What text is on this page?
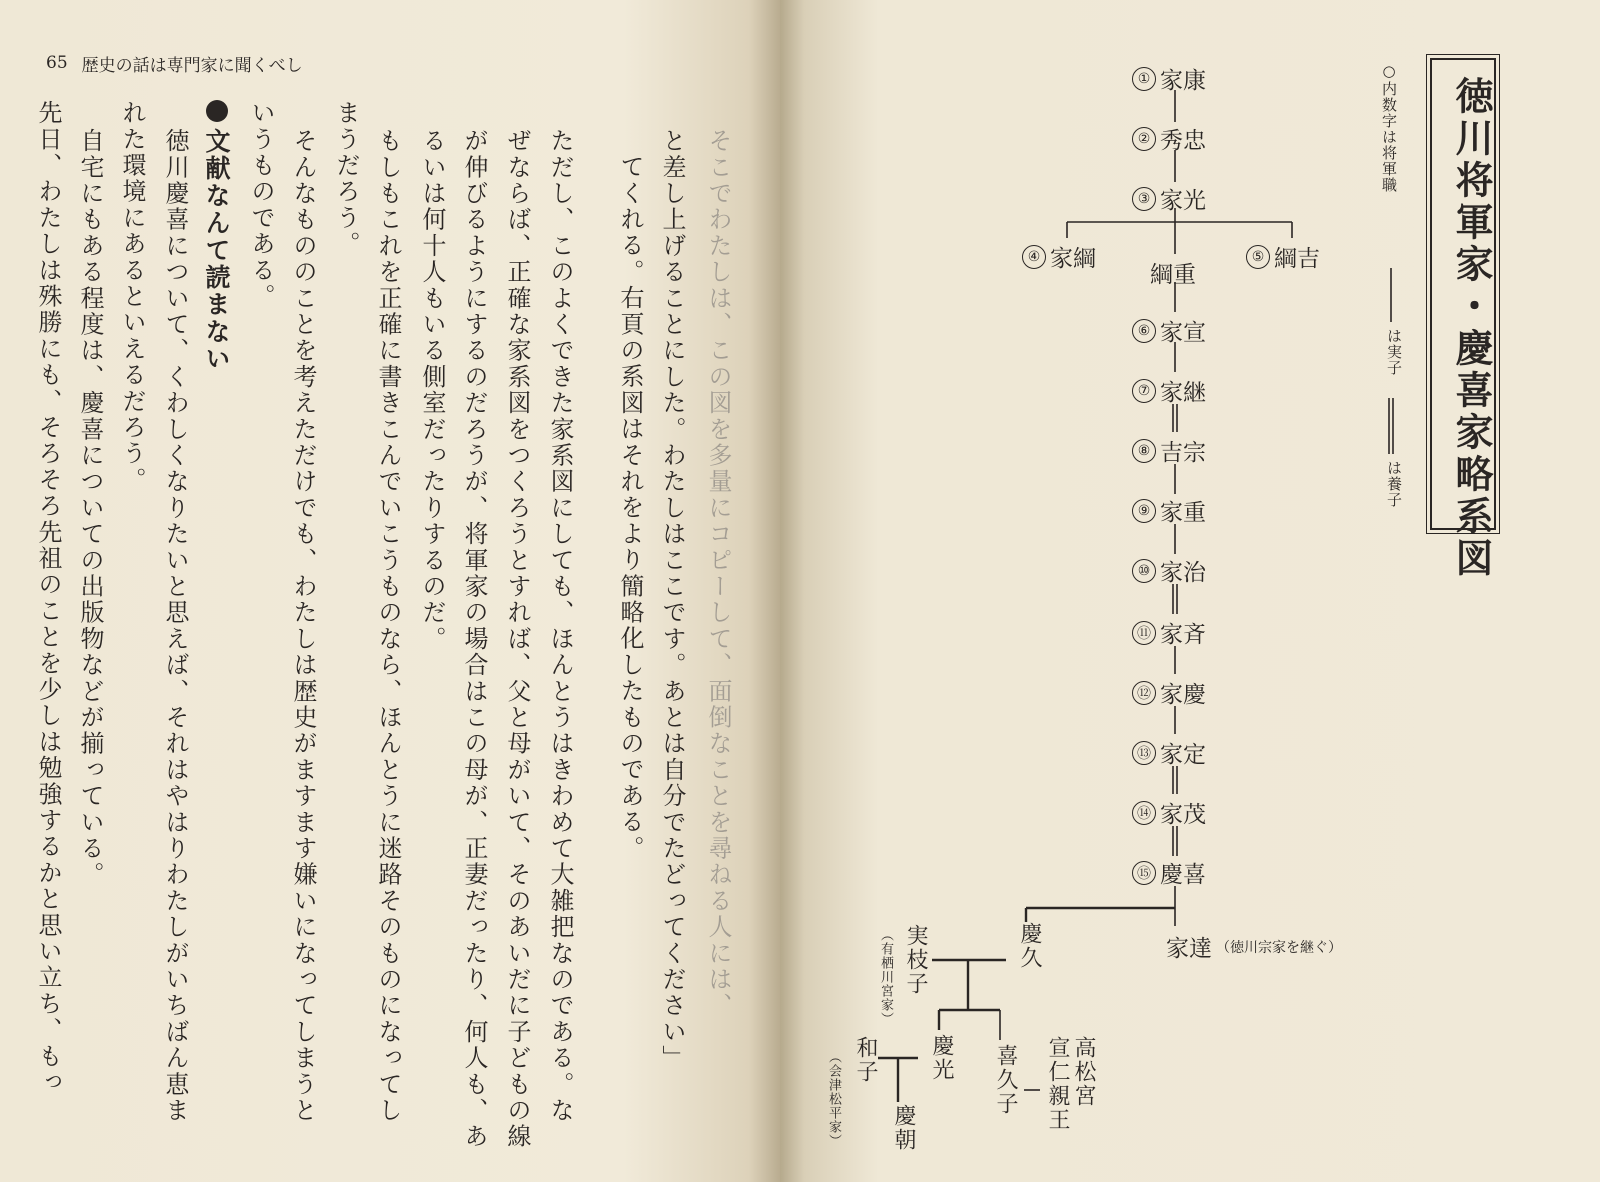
65 歴史の話は専門家に聞くべし
そこでわたしは、この図を多量にコピーして、面倒なことを尋ねる人には、
と差し上げることにした。わたしはここです。あとは自分でたどってください」
てくれる。右頁の系図はそれをより簡略化したものである。
ただし、このよくできた家系図にしても、ほんとうはきわめて大雑把なのである。な
ぜならば、正確な家系図をつくろうとすれば、父と母がいて、そのあいだに子どもの線
が伸びるようにするのだろうが、将軍家の場合はこの母が、正妻だったり、何人も、あ
るいは何十人もいる側室だったりするのだ。
もしもこれを正確に書きこんでいこうものなら、ほんとうに迷路そのものになってし
まうだろう。
そんなもののことを考えただけでも、わたしは歴史がますます嫌いになってしまうと
いうものである。
文献なんて読まない
徳川慶喜について、くわしくなりたいと思えば、それはやはりわたしがいちばん恵ま
れた環境にあるといえるだろう。
自宅にもある程度は、慶喜についての出版物などが揃っている。
先日、わたしは殊勝にも、そろそろ先祖のことを少しは勉強するかと思い立ち、もっ	徳川将軍家・慶喜家略系図
○内数字は将軍職
は実子
は養子
① 家康
② 秀忠
③ 家光
④ 家綱	⑤ 綱吉
綱重
⑥ 家宣
⑦ 家継
⑧ 吉宗
⑨ 家重
⑩ 家治
⑪ 家斉
⑫ 家慶
⑬ 家定
⑭ 家茂
⑮ 慶喜
家達 （徳川宗家を継ぐ）
慶久
実枝子
（有栖川宮家）
慶光 喜久子 高松宮
宣仁親王
和子
（会津松平家） 慶朝
